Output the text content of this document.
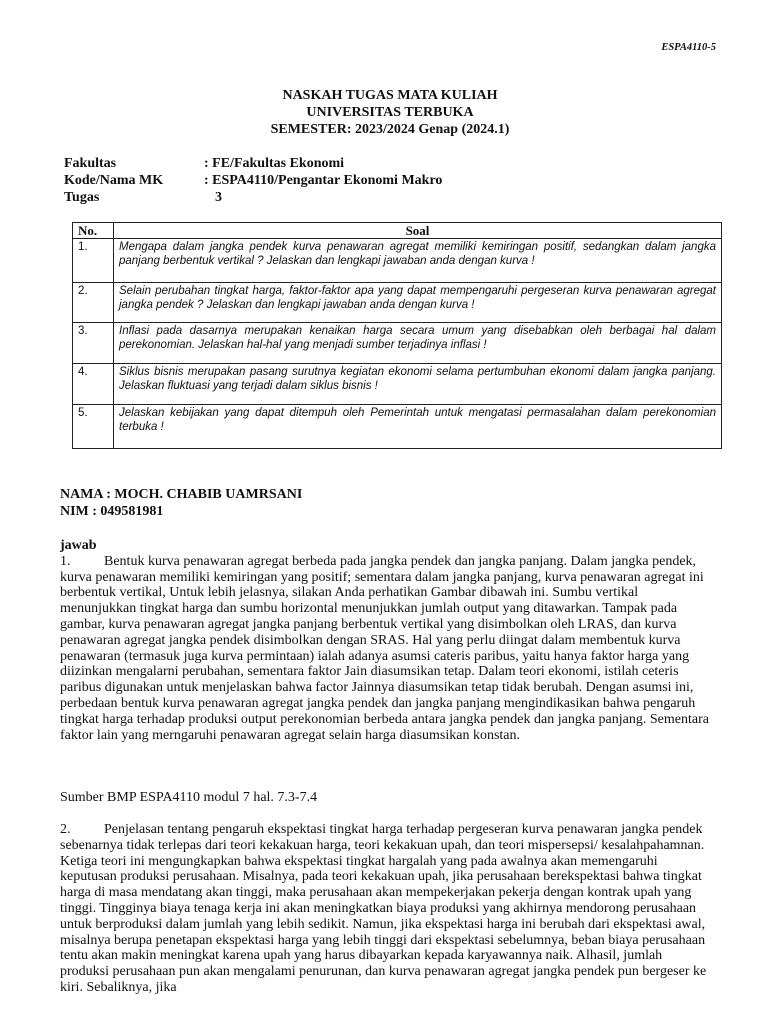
ESPA4110-5
NASKAH TUGAS MATA KULIAH
UNIVERSITAS TERBUKA
SEMESTER: 2023/2024 Genap (2024.1)
Fakultas	: FE/Fakultas Ekonomi
Kode/Nama MK	: ESPA4110/Pengantar Ekonomi Makro
Tugas	3
No.	Soal
1.	Mengapa dalam jangka pendek kurva penawaran agregat memiliki kemiringan positif, sedangkan dalam jangka panjang berbentuk vertikal ? Jelaskan dan lengkapi jawaban anda dengan kurva !
2.	Selain perubahan tingkat harga, faktor-faktor apa yang dapat mempengaruhi pergeseran kurva penawaran agregat jangka pendek ? Jelaskan dan lengkapi jawaban anda dengan kurva !
3.	Inflasi pada dasarnya merupakan kenaikan harga secara umum yang disebabkan oleh berbagai hal dalam perekonomian. Jelaskan hal-hal yang menjadi sumber terjadinya inflasi !
4.	Siklus bisnis merupakan pasang surutnya kegiatan ekonomi selama pertumbuhan ekonomi dalam jangka panjang. Jelaskan fluktuasi yang terjadi dalam siklus bisnis !
5.	Jelaskan kebijakan yang dapat ditempuh oleh Pemerintah untuk mengatasi permasalahan dalam perekonomian terbuka !
NAMA : MOCH. CHABIB UAMRSANI
NIM : 049581981
jawab
1. Bentuk kurva penawaran agregat berbeda pada jangka pendek dan jangka panjang. Dalam jangka pendek, kurva penawaran memiliki kemiringan yang positif; sementara dalam jangka panjang, kurva penawaran agregat ini berbentuk vertikal, Untuk lebih jelasnya, silakan Anda perhatikan Gambar dibawah ini. Sumbu vertikal menunjukkan tingkat harga dan sumbu horizontal menunjukkan jumlah output yang ditawarkan. Tampak pada gambar, kurva penawaran agregat jangka panjang berbentuk vertikal yang disimbolkan oleh LRAS, dan kurva penawaran agregat jangka pendek disimbolkan dengan SRAS. Hal yang perlu diingat dalam membentuk kurva penawaran (termasuk juga kurva permintaan) ialah adanya asumsi cateris paribus, yaitu hanya faktor harga yang diizinkan mengalarni perubahan, sementara faktor Jain diasumsikan tetap. Dalam teori ekonomi, istilah ceteris paribus digunakan untuk menjelaskan bahwa factor Jainnya diasumsikan tetap tidak berubah. Dengan asumsi ini, perbedaan bentuk kurva penawaran agregat jangka pendek dan jangka panjang mengindikasikan bahwa pengaruh tingkat harga terhadap produksi output perekonomian berbeda antara jangka pendek dan jangka panjang. Sementara faktor lain yang merngaruhi penawaran agregat selain harga diasumsikan konstan.
Sumber BMP ESPA4110 modul 7 hal. 7.3-7.4
2. Penjelasan tentang pengaruh ekspektasi tingkat harga terhadap pergeseran kurva penawaran jangka pendek sebenarnya tidak terlepas dari teori kekakuan harga, teori kekakuan upah, dan teori mispersepsi/ kesalahpahamnan. Ketiga teori ini mengungkapkan bahwa ekspektasi tingkat hargalah yang pada awalnya akan memengaruhi keputusan produksi perusahaan. Misalnya, pada teori kekakuan upah, jika perusahaan berekspektasi bahwa tingkat harga di masa mendatang akan tinggi, maka perusahaan akan mempekerjakan pekerja dengan kontrak upah yang tinggi. Tingginya biaya tenaga kerja ini akan meningkatkan biaya produksi yang akhirnya mendorong perusahaan untuk berproduksi dalam jumlah yang lebih sedikit. Namun, jika ekspektasi harga ini berubah dari ekspektasi awal, misalnya berupa penetapan ekspektasi harga yang lebih tinggi dari ekspektasi sebelumnya, beban biaya perusahaan tentu akan makin meningkat karena upah yang harus dibayarkan kepada karyawannya naik. Alhasil, jumlah produksi perusahaan pun akan mengalami penurunan, dan kurva penawaran agregat jangka pendek pun bergeser ke kiri. Sebaliknya, jika
